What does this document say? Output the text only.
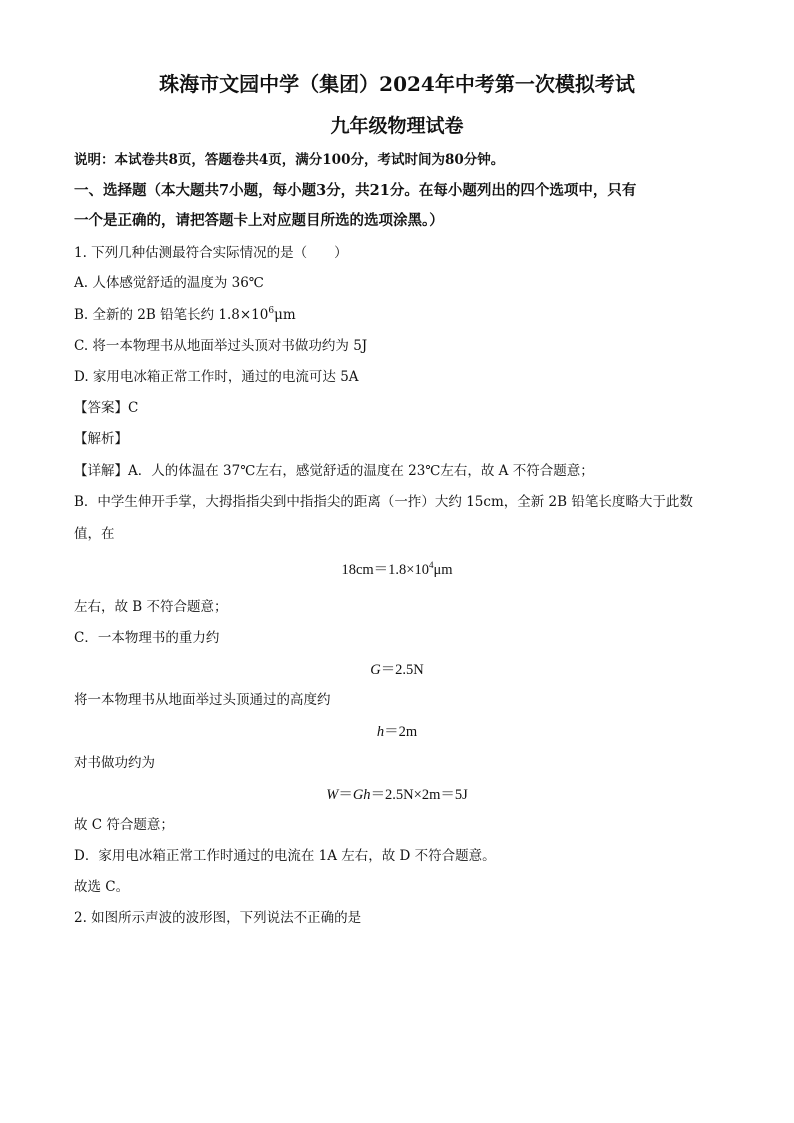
珠海市文园中学（集团）2024年中考第一次模拟考试
九年级物理试卷
说明：本试卷共8页，答题卷共4页，满分100分，考试时间为80分钟。
一、选择题（本大题共7小题，每小题3分，共21分。在每小题列出的四个选项中，只有
一个是正确的，请把答题卡上对应题目所选的选项涂黑。）
1. 下列几种估测最符合实际情况的是（　　）
A. 人体感觉舒适的温度为 36℃
B. 全新的 2B 铅笔长约 $1.8\times 10^6\mu m$
C. 将一本物理书从地面举过头顶对书做功约为 5J
D. 家用电冰箱正常工作时，通过的电流可达 5A
【答案】C
【解析】
【详解】A．人的体温在 37℃左右，感觉舒适的温度在 23℃左右，故 A 不符合题意；
B．中学生伸开手掌，大拇指指尖到中指指尖的距离（一拃）大约 15cm，全新 2B 铅笔长度略大于此数
值，在
$18cm=1.8\times 10^4\mu m$
左右，故 B 不符合题意；
C．一本物理书的重力约
G＝2.5N
将一本物理书从地面举过头顶通过的高度约
h＝2m
对书做功约为
W＝Gh＝2.5N×2m＝5J
故 C 符合题意；
D．家用电冰箱正常工作时通过的电流在 1A 左右，故 D 不符合题意。
故选 C。
2. 如图所示声波的波形图，下列说法不正确的是
